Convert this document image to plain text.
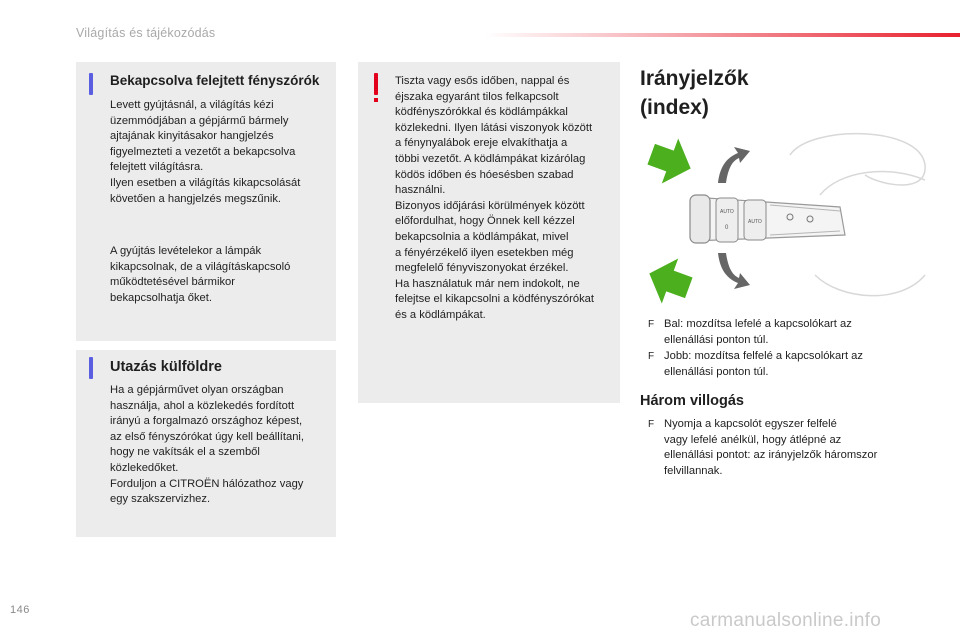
Világítás és tájékozódás
Bekapcsolva felejtett fényszórók
Levett gyújtásnál, a világítás kézi
üzemmódjában a gépjármű bármely
ajtajának kinyitásakor hangjelzés
figyelmezteti a vezetőt a bekapcsolva
felejtett világításra.
Ilyen esetben a világítás kikapcsolását
követően a hangjelzés megszűnik.
A gyújtás levételekor a lámpák
kikapcsolnak, de a világításkapcsoló
működtetésével bármikor
bekapcsolhatja őket.
Utazás külföldre
Ha a gépjárművet olyan országban
használja, ahol a közlekedés fordított
irányú a forgalmazó országhoz képest,
az első fényszórókat úgy kell beállítani,
hogy ne vakítsák el a szemből
közlekedőket.
Forduljon a CITROËN hálózathoz vagy
egy szakszervizhez.
Tiszta vagy esős időben, nappal és
éjszaka egyaránt tilos felkapcsolt
ködfényszórókkal és ködlámpákkal
közlekedni. Ilyen látási viszonyok között
a fénynyalábok ereje elvakíthatja a
többi vezetőt. A ködlámpákat kizárólag
ködös időben és hóesésben szabad
használni.
Bizonyos időjárási körülmények között
előfordulhat, hogy Önnek kell kézzel
bekapcsolnia a ködlámpákat, mivel
a fényérzékelő ilyen esetekben még
megfelelő fényviszonyokat érzékel.
Ha használatuk már nem indokolt, ne
felejtse el kikapcsolni a ködfényszórókat
és a ködlámpákat.
Irányjelzők
(index)
AUTO
0
AUTO
F Bal: mozdítsa lefelé a kapcsolókart az
ellenállási ponton túl.
F Jobb: mozdítsa felfelé a kapcsolókart az
ellenállási ponton túl.
Három villogás
F Nyomja a kapcsolót egyszer felfelé
vagy lefelé anélkül, hogy átlépné az
ellenállási pontot: az irányjelzők háromszor
felvillannak.
146	carmanualsonline.info
